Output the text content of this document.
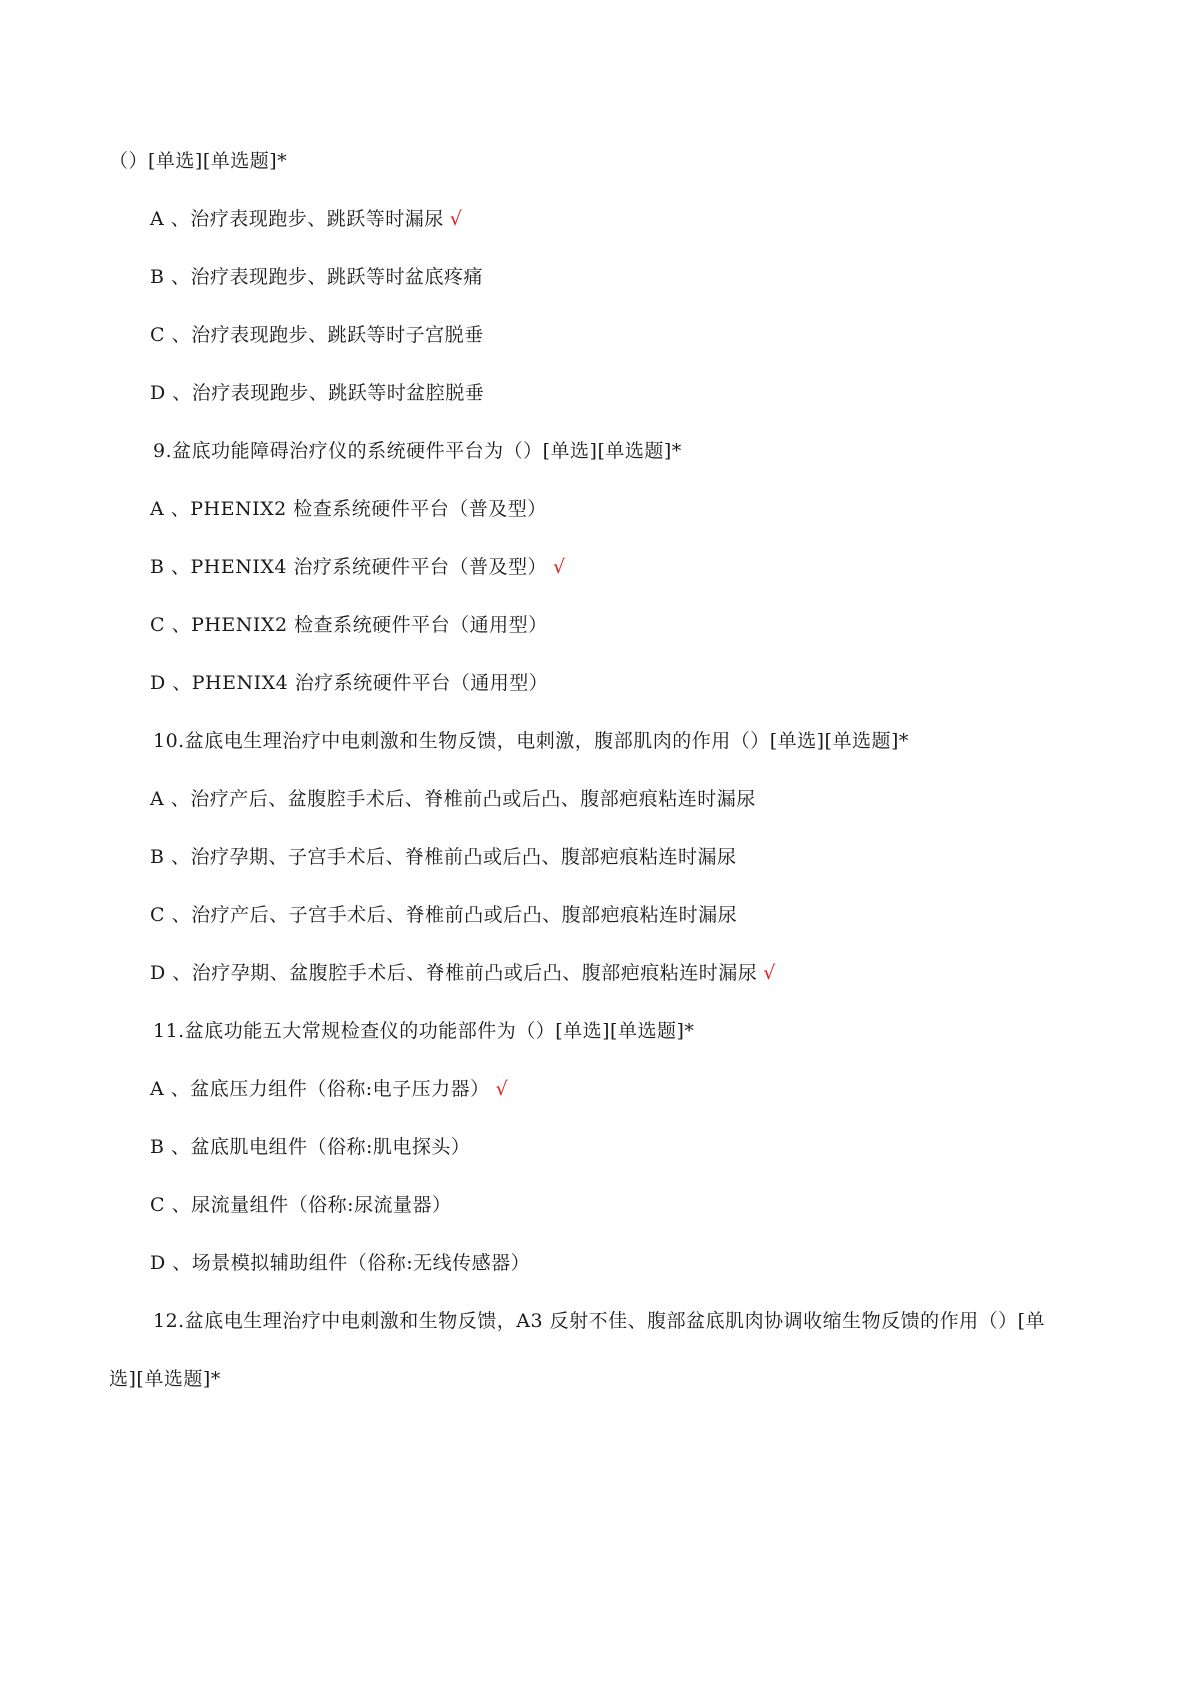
（）[单选][单选题]*
A 、治疗表现跑步、跳跃等时漏尿 √
B 、治疗表现跑步、跳跃等时盆底疼痛
C 、治疗表现跑步、跳跃等时子宫脱垂
D 、治疗表现跑步、跳跃等时盆腔脱垂
9.盆底功能障碍治疗仪的系统硬件平台为（）[单选][单选题]*
A 、PHENIX2 检查系统硬件平台（普及型）
B 、PHENIX4 治疗系统硬件平台（普及型） √
C 、PHENIX2 检查系统硬件平台（通用型）
D 、PHENIX4 治疗系统硬件平台（通用型）
10.盆底电生理治疗中电刺激和生物反馈，电刺激，腹部肌肉的作用（）[单选][单选题]*
A 、治疗产后、盆腹腔手术后、脊椎前凸或后凸、腹部疤痕粘连时漏尿
B 、治疗孕期、子宫手术后、脊椎前凸或后凸、腹部疤痕粘连时漏尿
C 、治疗产后、子宫手术后、脊椎前凸或后凸、腹部疤痕粘连时漏尿
D 、治疗孕期、盆腹腔手术后、脊椎前凸或后凸、腹部疤痕粘连时漏尿 √
11.盆底功能五大常规检查仪的功能部件为（）[单选][单选题]*
A 、盆底压力组件（俗称:电子压力器） √
B 、盆底肌电组件（俗称:肌电探头）
C 、尿流量组件（俗称:尿流量器）
D 、场景模拟辅助组件（俗称:无线传感器）
12.盆底电生理治疗中电刺激和生物反馈，A3 反射不佳、腹部盆底肌肉协调收缩生物反馈的作用（）[单
选][单选题]*
